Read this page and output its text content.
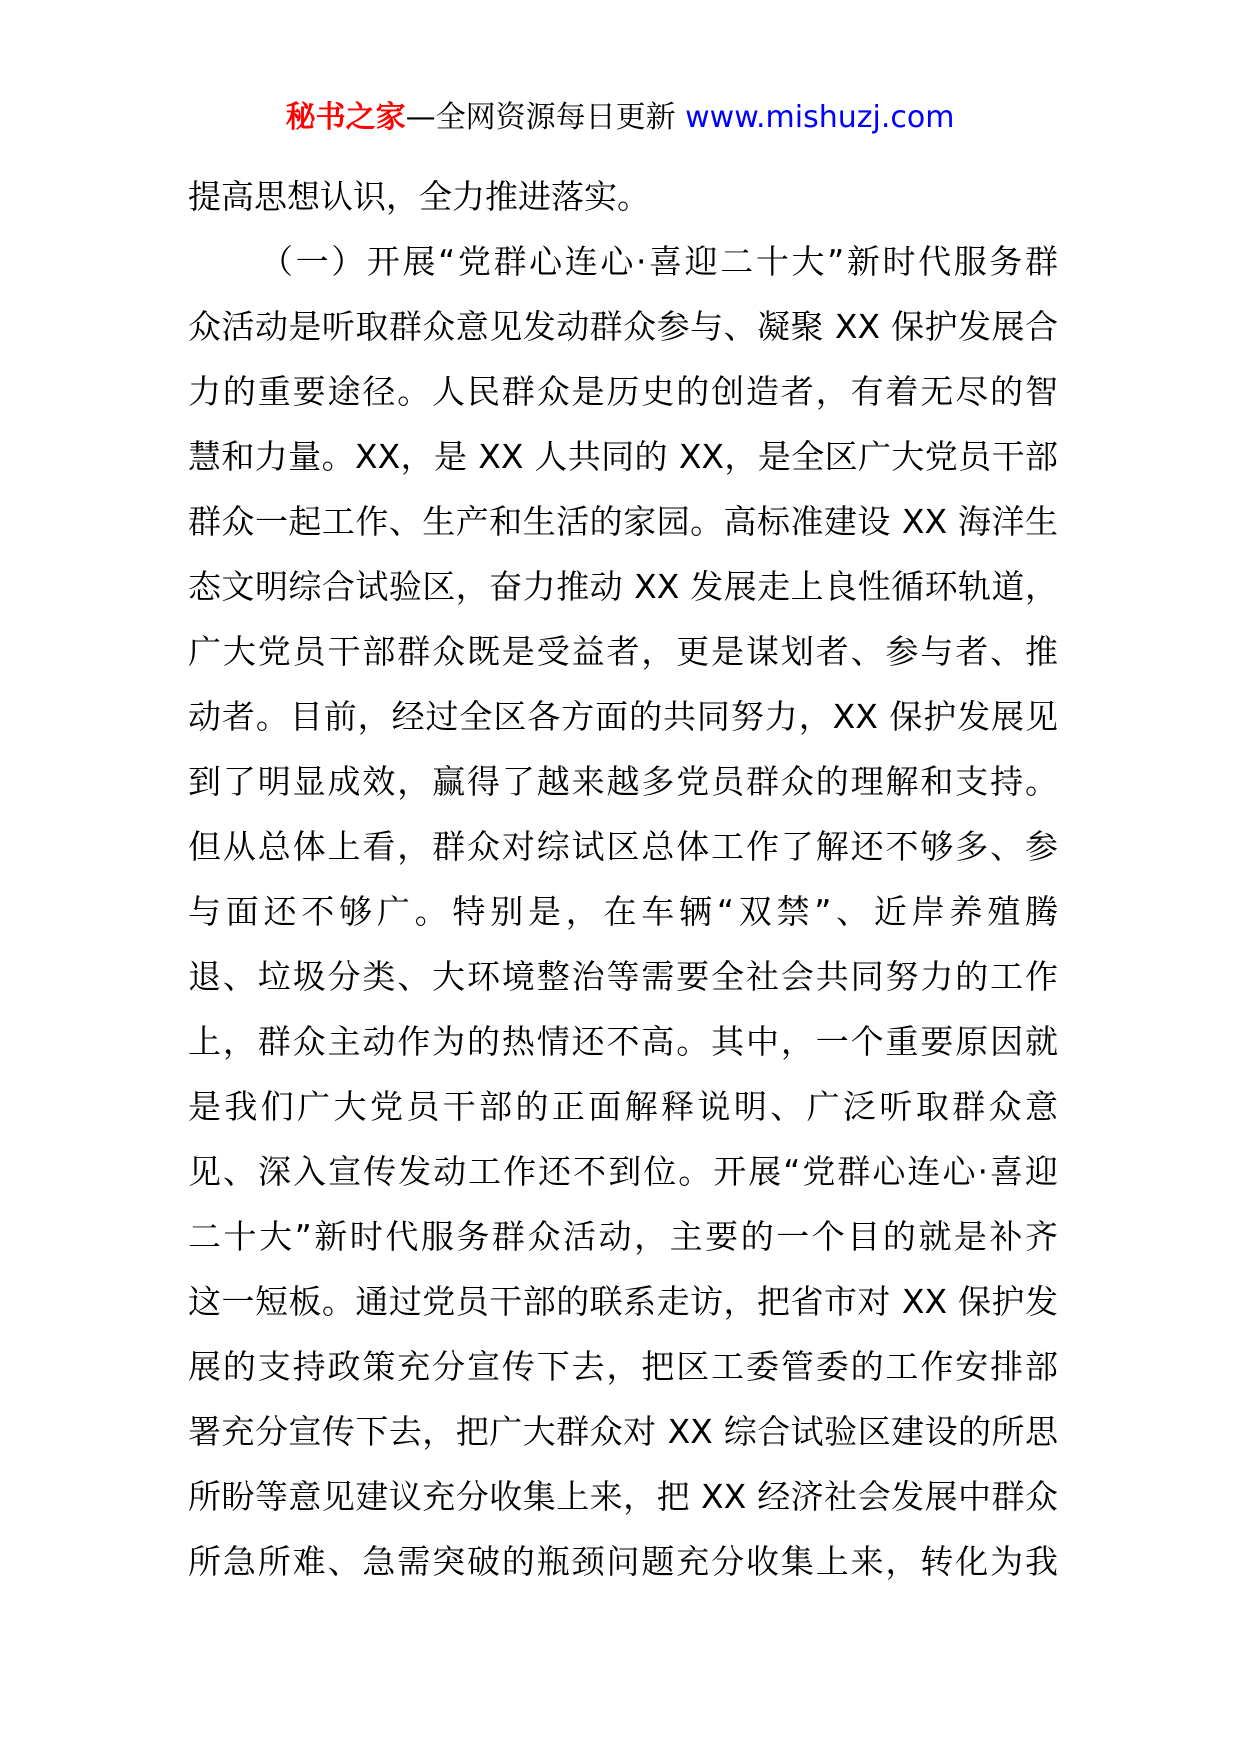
秘书之家—全网资源每日更新 www.mishuzj.com
提高思想认识，全力推进落实。
（一）开展“党群心连心·喜迎二十大”新时代服务群
众活动是听取群众意见发动群众参与、凝聚 XX 保护发展合
力的重要途径。人民群众是历史的创造者，有着无尽的智
慧和力量。XX，是 XX 人共同的 XX，是全区广大党员干部
群众一起工作、生产和生活的家园。高标准建设 XX 海洋生
态文明综合试验区，奋力推动 XX 发展走上良性循环轨道，
广大党员干部群众既是受益者，更是谋划者、参与者、推
动者。目前，经过全区各方面的共同努力，XX 保护发展见
到了明显成效，赢得了越来越多党员群众的理解和支持。
但从总体上看，群众对综试区总体工作了解还不够多、参
与面还不够广。特别是，在车辆“双禁”、近岸养殖腾
退、垃圾分类、大环境整治等需要全社会共同努力的工作
上，群众主动作为的热情还不高。其中，一个重要原因就
是我们广大党员干部的正面解释说明、广泛听取群众意
见、深入宣传发动工作还不到位。开展“党群心连心·喜迎
二十大”新时代服务群众活动，主要的一个目的就是补齐
这一短板。通过党员干部的联系走访，把省市对 XX 保护发
展的支持政策充分宣传下去，把区工委管委的工作安排部
署充分宣传下去，把广大群众对 XX 综合试验区建设的所思
所盼等意见建议充分收集上来，把 XX 经济社会发展中群众
所急所难、急需突破的瓶颈问题充分收集上来，转化为我
